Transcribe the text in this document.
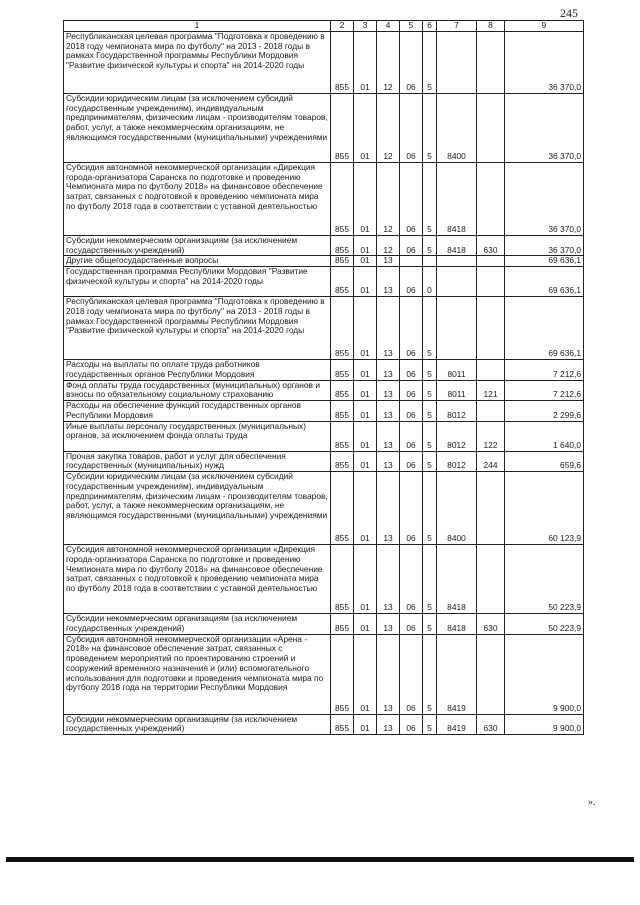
245
1	2	3	4	5	6	7	8	9
Республиканская целевая программа "Подготовка к проведению в 2018 году чемпионата мира по футболу" на 2013 - 2018 годы в рамках Государственной программы Республики Мордовия "Развитие физической культуры и спорта" на 2014-2020 годы	855	01	12	06	5			36 370,0
Субсидии юридическим лицам (за исключением субсидий государственным учреждениям), индивидуальным предпринимателям, физическим лицам - производителям товаров, работ, услуг, а также некоммерческим организациям, не являющимся государственными (муниципальными) учреждениями	855	01	12	06	5	8400		36 370,0
Субсидия автономной некоммерческой организации «Дирекция города-организатора Саранска по подготовке и проведению Чемпионата мира по футболу 2018» на финансовое обеспечение затрат, связанных с подготовкой к проведению чемпионата мира по футболу 2018 года в соответствии с уставной деятельностью	855	01	12	06	5	8418		36 370,0
Субсидии некоммерческим организациям (за исключением государственных учреждений)	855	01	12	06	5	8418	630	36 370,0
Другие общегосударственные вопросы	855	01	13					69 636,1
Государственная программа Республики Мордовия "Развитие физической культуры и спорта" на 2014-2020 годы	855	01	13	06	0			69 636,1
Республиканская целевая программа "Подготовка к проведению в 2018 году чемпионата мира по футболу" на 2013 - 2018 годы в рамках Государственной программы Республики Мордовия "Развитие физической культуры и спорта" на 2014-2020 годы	855	01	13	06	5			69 636,1
Расходы на выплаты по оплате труда работников государственных органов Республики Мордовия	855	01	13	06	5	8011		7 212,6
Фонд оплаты труда государственных (муниципальных) органов и взносы по обязательному социальному страхованию	855	01	13	06	5	8011	121	7 212,6
Расходы на обеспечение функций государственных органов Республики Мордовия	855	01	13	06	5	8012		2 299,6
Иные выплаты персоналу государственных (муниципальных) органов, за исключением фонда оплаты труда	855	01	13	06	5	8012	122	1 640,0
Прочая закупка товаров, работ и услуг для обеспечения государственных (муниципальных) нужд	855	01	13	06	5	8012	244	659,6
Субсидии юридическим лицам (за исключением субсидий государственным учреждениям), индивидуальным предпринимателям, физическим лицам - производителям товаров, работ, услуг, а также некоммерческим организациям, не являющимся государственными (муниципальными) учреждениями	855	01	13	06	5	8400		60 123,9
Субсидия автономной некоммерческой организации «Дирекция города-организатора Саранска по подготовке и проведению Чемпионата мира по футболу 2018» на финансовое обеспечение затрат, связанных с подготовкой к проведению чемпионата мира по футболу 2018 года в соответствии с уставной деятельностью	855	01	13	06	5	8418		50 223,9
Субсидии некоммерческим организациям (за исключением государственных учреждений)	855	01	13	06	5	8418	630	50 223,9
Субсидия автономной некоммерческой организации «Арена - 2018» на финансовое обеспечение затрат, связанных с проведением мероприятий по проектированию строений и сооружений временного назначения и (или) вспомогательного использования для подготовки и проведения чемпионата мира по футболу 2018 года на территории Республики Мордовия	855	01	13	06	5	8419		9 900,0
Субсидии некоммерческим организациям (за исключением государственных учреждений)	855	01	13	06	5	8419	630	9 900,0
».
